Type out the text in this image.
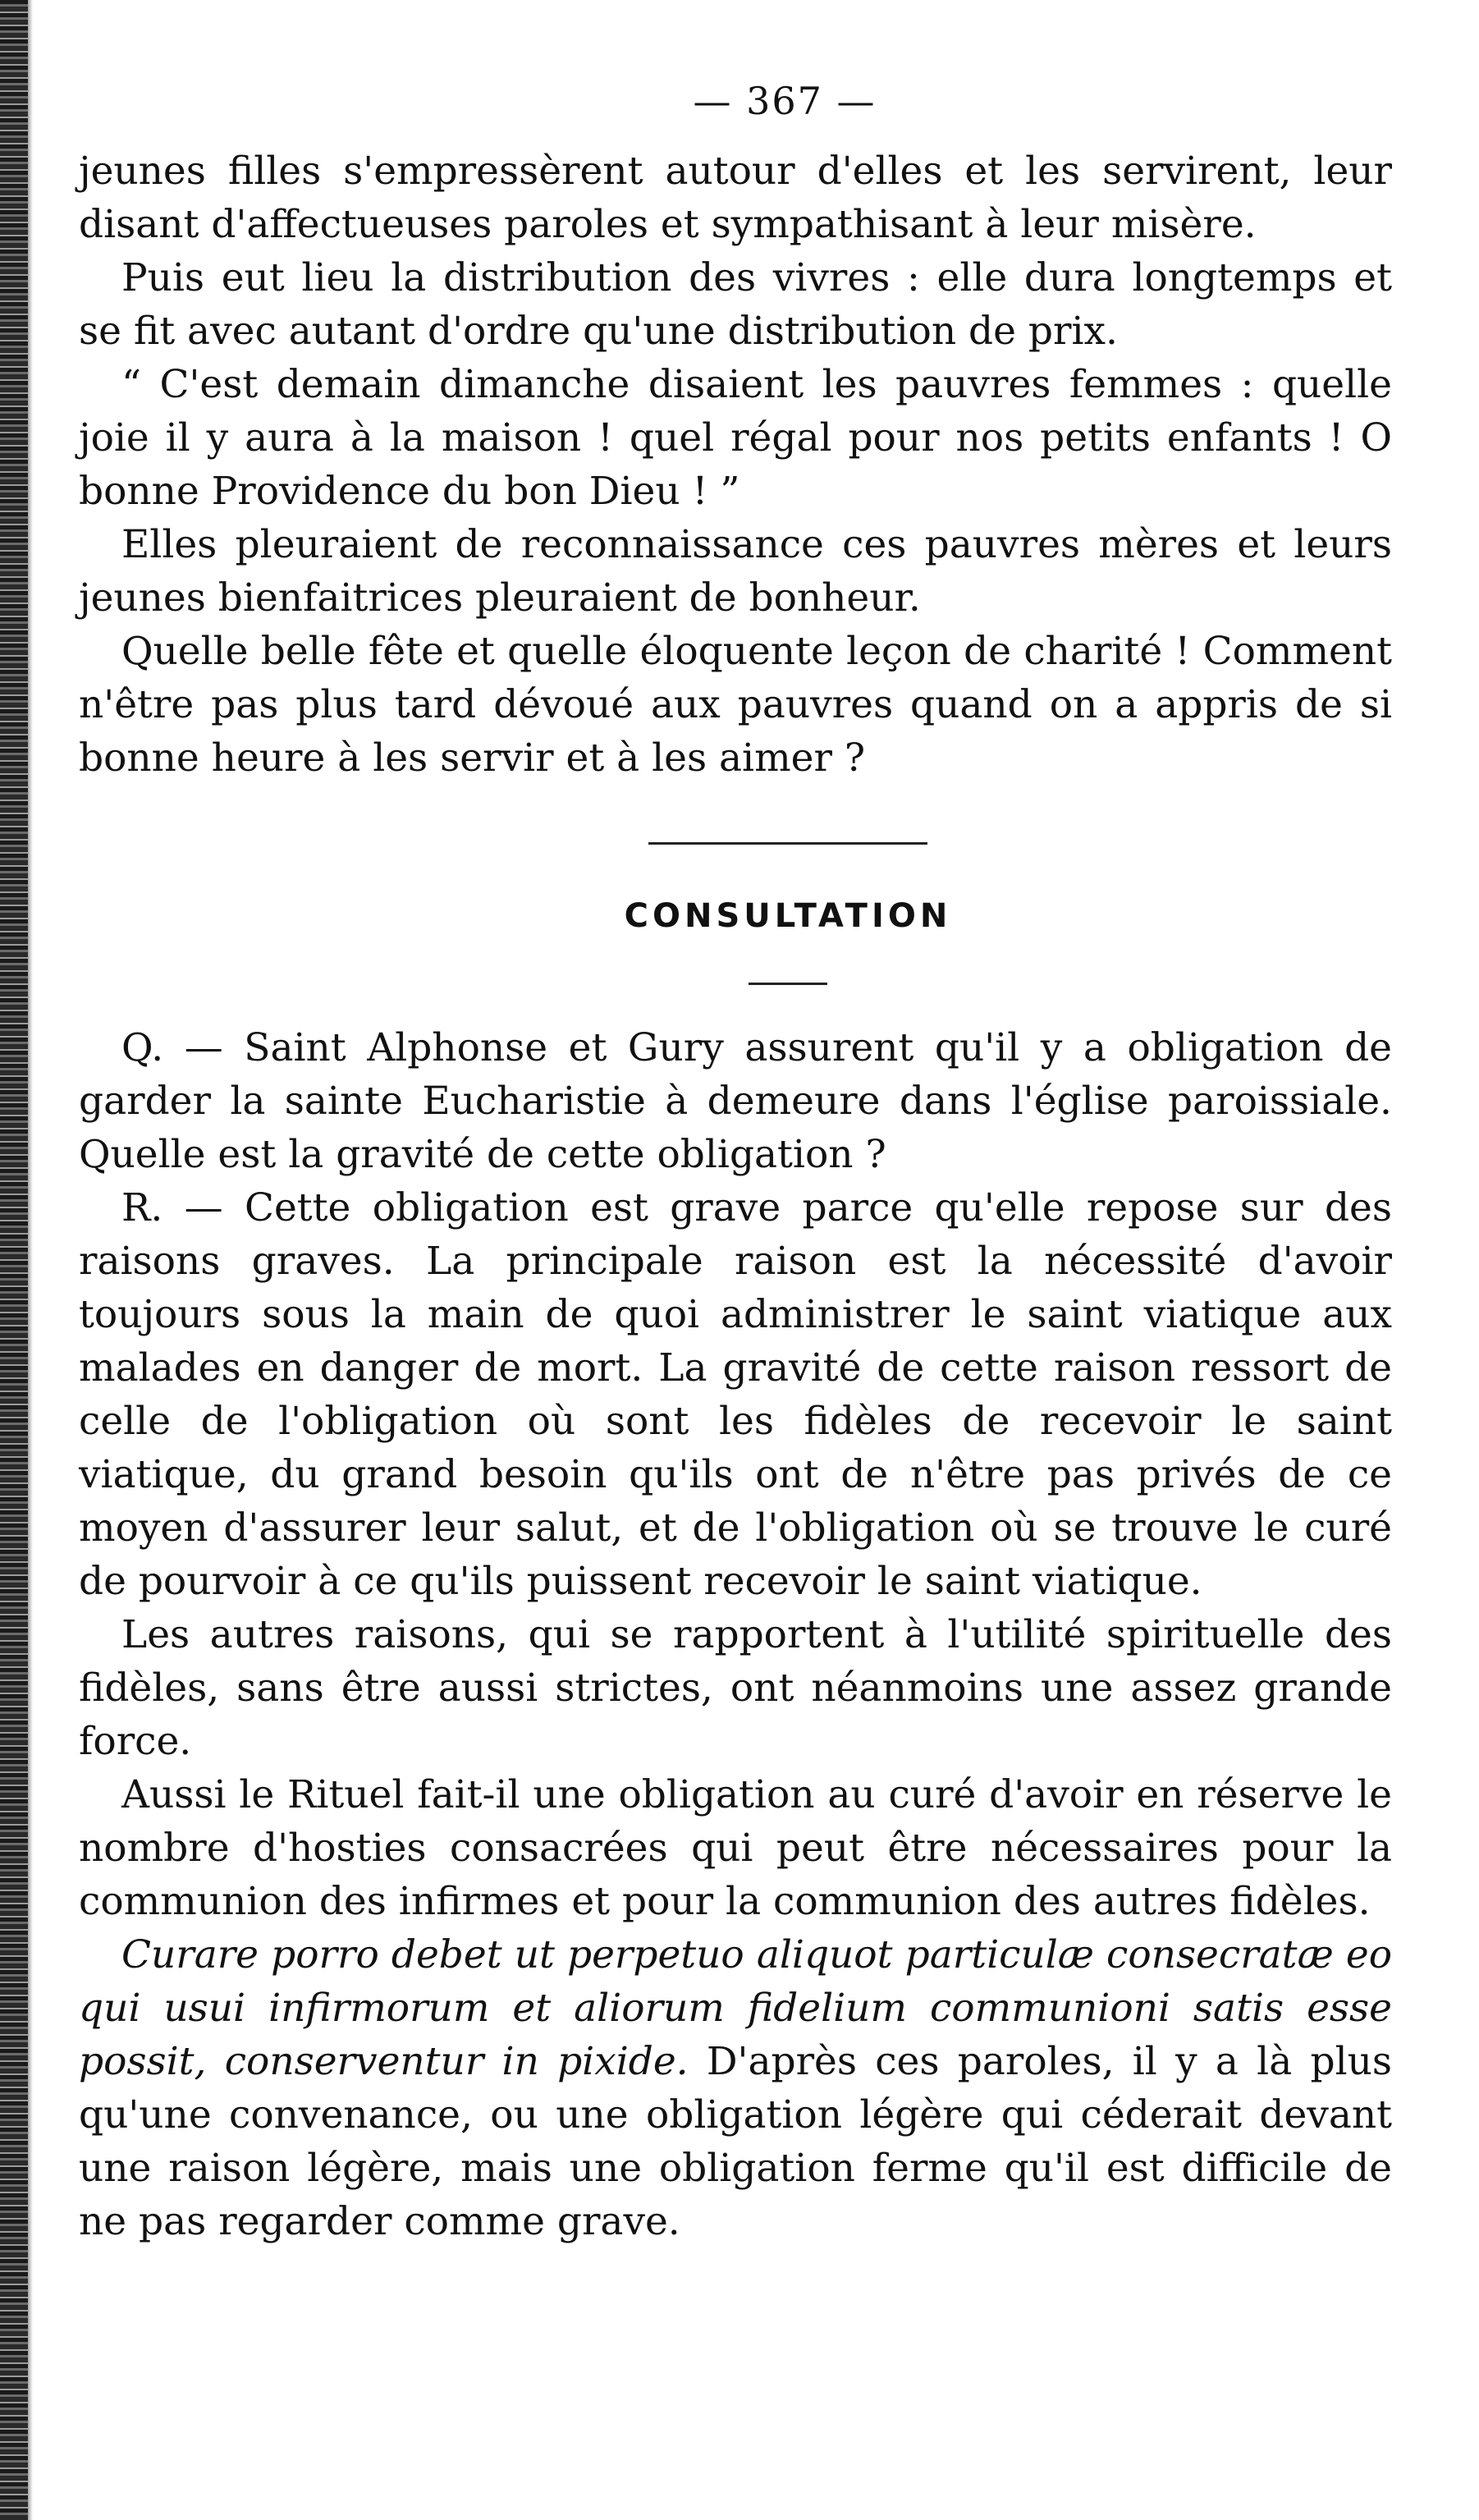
— 367 —

jeunes filles s'empressèrent autour d'elles et les servirent, leur disant d'affectueuses paroles et sympathisant à leur misère.

Puis eut lieu la distribution des vivres : elle dura longtemps et se fit avec autant d'ordre qu'une distribution de prix.

“ C'est demain dimanche disaient les pauvres femmes : quelle joie il y aura à la maison ! quel régal pour nos petits enfants ! O bonne Providence du bon Dieu ! ”

Elles pleuraient de reconnaissance ces pauvres mères et leurs jeunes bienfaitrices pleuraient de bonheur.

Quelle belle fête et quelle éloquente leçon de charité ! Comment n'être pas plus tard dévoué aux pauvres quand on a appris de si bonne heure à les servir et à les aimer ?

CONSULTATION

Q. — Saint Alphonse et Gury assurent qu'il y a obligation de garder la sainte Eucharistie à demeure dans l'église paroissiale. Quelle est la gravité de cette obligation ?

R. — Cette obligation est grave parce qu'elle repose sur des raisons graves. La principale raison est la nécessité d'avoir toujours sous la main de quoi administrer le saint viatique aux malades en danger de mort. La gravité de cette raison ressort de celle de l'obligation où sont les fidèles de recevoir le saint viatique, du grand besoin qu'ils ont de n'être pas privés de ce moyen d'assurer leur salut, et de l'obligation où se trouve le curé de pourvoir à ce qu'ils puissent recevoir le saint viatique.

Les autres raisons, qui se rapportent à l'utilité spirituelle des fidèles, sans être aussi strictes, ont néanmoins une assez grande force.

Aussi le Rituel fait-il une obligation au curé d'avoir en réserve le nombre d'hosties consacrées qui peut être nécessaires pour la communion des infirmes et pour la communion des autres fidèles.

Curare porro debet ut perpetuo aliquot particulæ consecratæ eo qui usui infirmorum et aliorum fidelium communioni satis esse possit, conserventur in pixide. D'après ces paroles, il y a là plus qu'une convenance, ou une obligation légère qui céderait devant une raison légère, mais une obligation ferme qu'il est difficile de ne pas regarder comme grave.
